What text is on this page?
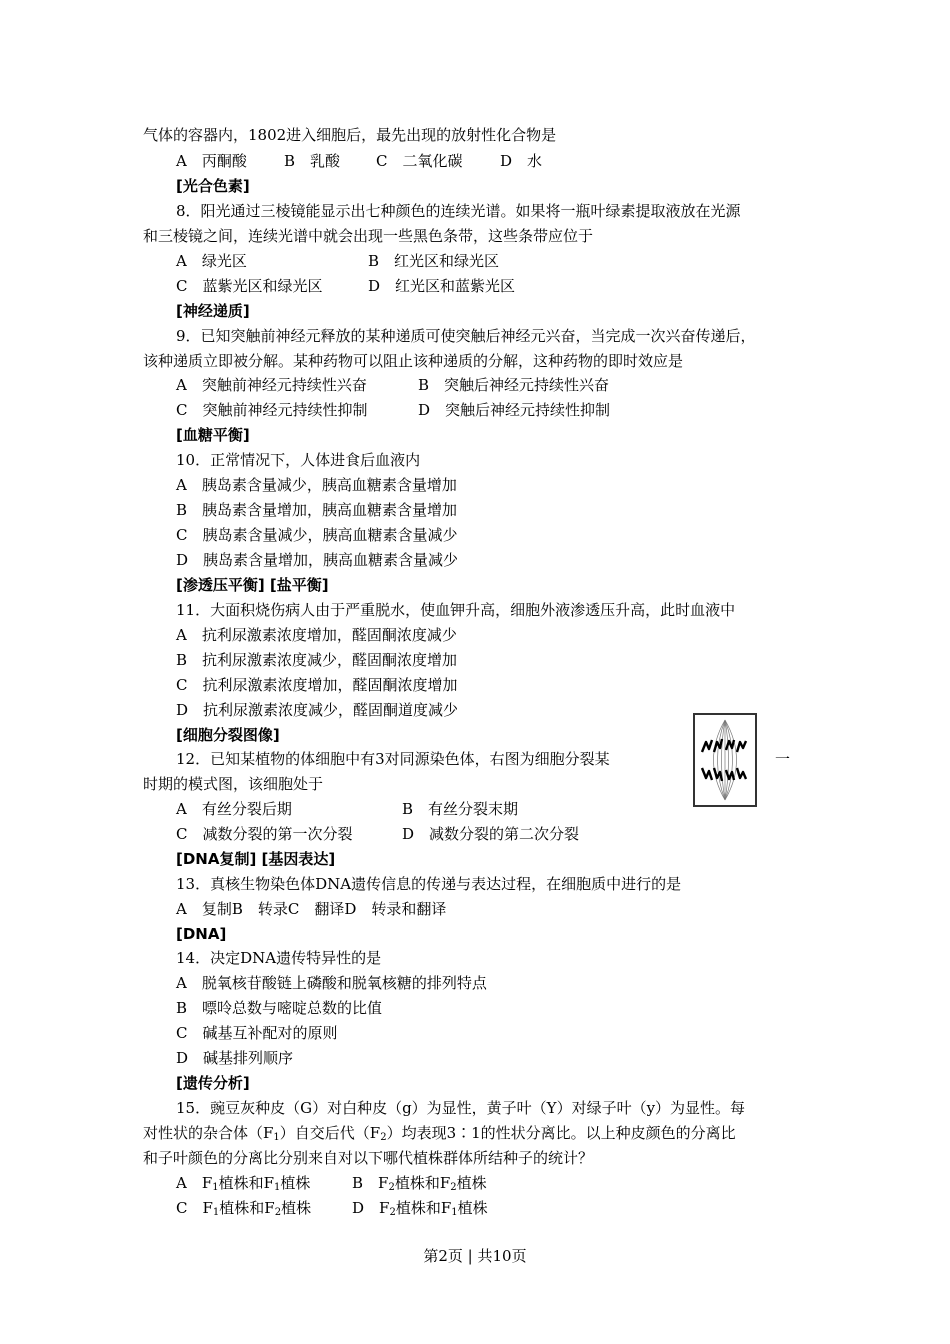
气体的容器内，1802进入细胞后，最先出现的放射性化合物是
A　丙酮酸 B　乳酸 C　二氧化碳	D　水
[光合色素]
8．阳光通过三棱镜能显示出七种颜色的连续光谱。如果将一瓶叶绿素提取液放在光源
和三棱镜之间，连续光谱中就会出现一些黑色条带，这些条带应位于
A　绿光区	B　红光区和绿光区
C　蓝紫光区和绿光区	D　红光区和蓝紫光区
[神经递质]
9．已知突触前神经元释放的某种递质可使突触后神经元兴奋，当完成一次兴奋传递后，
该种递质立即被分解。某种药物可以阻止该种递质的分解，这种药物的即时效应是
A　突触前神经元持续性兴奋	B　突触后神经元持续性兴奋
C　突触前神经元持续性抑制	D　突触后神经元持续性抑制
[血糖平衡]
10．正常情况下，人体进食后血液内
A　胰岛素含量减少，胰高血糖素含量增加
B　胰岛素含量增加，胰高血糖素含量增加
C　胰岛素含量减少，胰高血糖素含量减少
D　胰岛素含量增加，胰高血糖素含量减少
[渗透压平衡] [盐平衡]
11．大面积烧伤病人由于严重脱水，使血钾升高，细胞外液渗透压升高，此时血液中
A　抗利尿激素浓度增加，醛固酮浓度减少
B　抗利尿激素浓度减少，醛固酮浓度增加
C　抗利尿激素浓度增加，醛固酮浓度增加
D　抗利尿激素浓度减少，醛固酮道度减少
[细胞分裂图像]
12．已知某植物的体细胞中有3对同源染色体，右图为细胞分裂某	一
时期的模式图，该细胞处于
A　有丝分裂后期	B　有丝分裂末期
C　减数分裂的第一次分裂	D　减数分裂的第二次分裂
[DNA复制] [基因表达]
13．真核生物染色体DNA遗传信息的传递与表达过程，在细胞质中进行的是
A　复制B　转录C　翻译D　转录和翻译
[DNA]
14．决定DNA遗传特异性的是
A　脱氧核苷酸链上磷酸和脱氧核糖的排列特点
B　嘌呤总数与嘧啶总数的比值
C　碱基互补配对的原则
D　碱基排列顺序
[遗传分析]
15．豌豆灰种皮（G）对白种皮（g）为显性，黄子叶（Y）对绿子叶（y）为显性。每
对性状的杂合体$(F_1)$自交后代$(F_2)$均表现3∶1的性状分离比。以上种皮颜色的分离比
和子叶颜色的分离比分别来自对以下哪代植株群体所结种子的统计？
A　$F_1$植株和$F_1$植株	B　$F_2$植株和$F_2$植株
C　$F_1$植株和$F_2$植株	D　$F_2$植株和$F_1$植株
第2页 | 共10页
